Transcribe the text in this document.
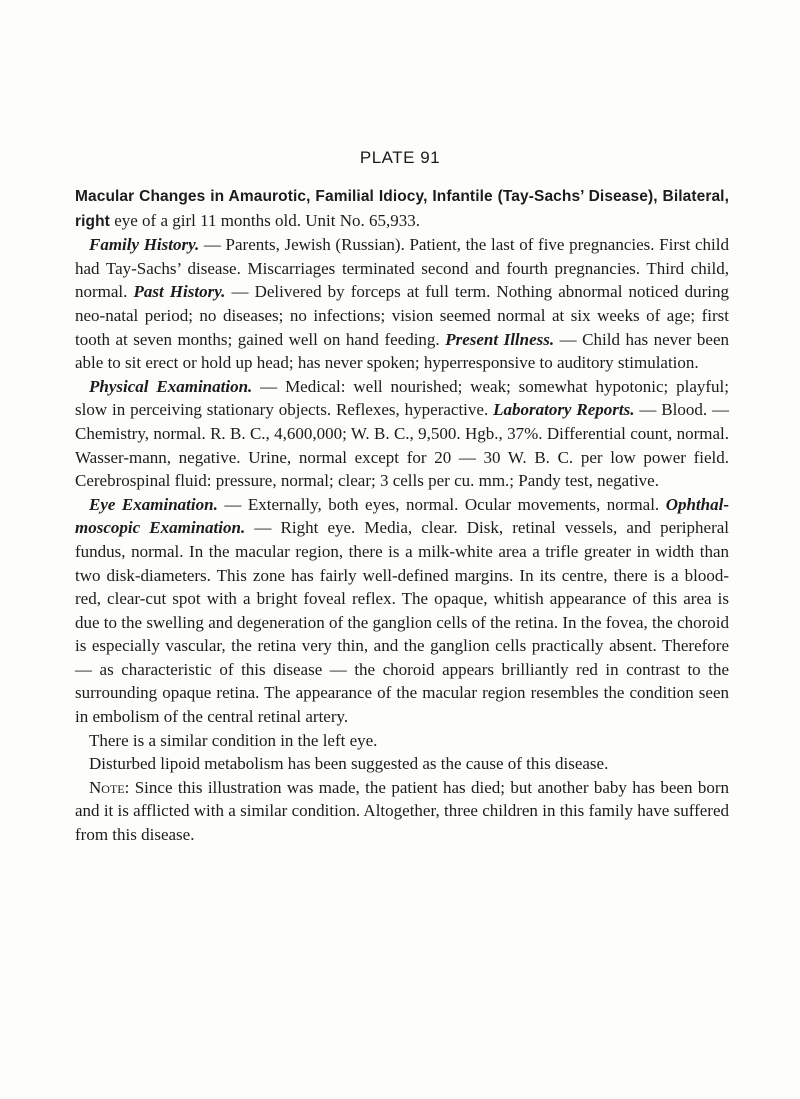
PLATE 91

Macular Changes in Amaurotic, Familial Idiocy, Infantile (Tay-Sachs’ Disease), Bilateral, right eye of a girl 11 months old. Unit No. 65,933.

Family History. — Parents, Jewish (Russian). Patient, the last of five pregnancies. First child had Tay-Sachs’ disease. Miscarriages terminated second and fourth pregnancies. Third child, normal. Past History. — Delivered by forceps at full term. Nothing abnormal noticed during neo-natal period; no diseases; no infections; vision seemed normal at six weeks of age; first tooth at seven months; gained well on hand feeding. Present Illness. — Child has never been able to sit erect or hold up head; has never spoken; hyperresponsive to auditory stimulation.

Physical Examination. — Medical: well nourished; weak; somewhat hypotonic; playful; slow in perceiving stationary objects. Reflexes, hyperactive. Laboratory Reports. — Blood. — Chemistry, normal. R. B. C., 4,600,000; W. B. C., 9,500. Hgb., 37%. Differential count, normal. Wasser-mann, negative. Urine, normal except for 20 — 30 W. B. C. per low power field. Cerebrospinal fluid: pressure, normal; clear; 3 cells per cu. mm.; Pandy test, negative.

Eye Examination. — Externally, both eyes, normal. Ocular movements, normal. Ophthal-moscopic Examination. — Right eye. Media, clear. Disk, retinal vessels, and peripheral fundus, normal. In the macular region, there is a milk-white area a trifle greater in width than two disk-diameters. This zone has fairly well-defined margins. In its centre, there is a blood-red, clear-cut spot with a bright foveal reflex. The opaque, whitish appearance of this area is due to the swelling and degeneration of the ganglion cells of the retina. In the fovea, the choroid is especially vascular, the retina very thin, and the ganglion cells practically absent. Therefore — as characteristic of this disease — the choroid appears brilliantly red in contrast to the surrounding opaque retina. The appearance of the macular region resembles the condition seen in embolism of the central retinal artery.

There is a similar condition in the left eye.

Disturbed lipoid metabolism has been suggested as the cause of this disease.

Note: Since this illustration was made, the patient has died; but another baby has been born and it is afflicted with a similar condition. Altogether, three children in this family have suffered from this disease.
